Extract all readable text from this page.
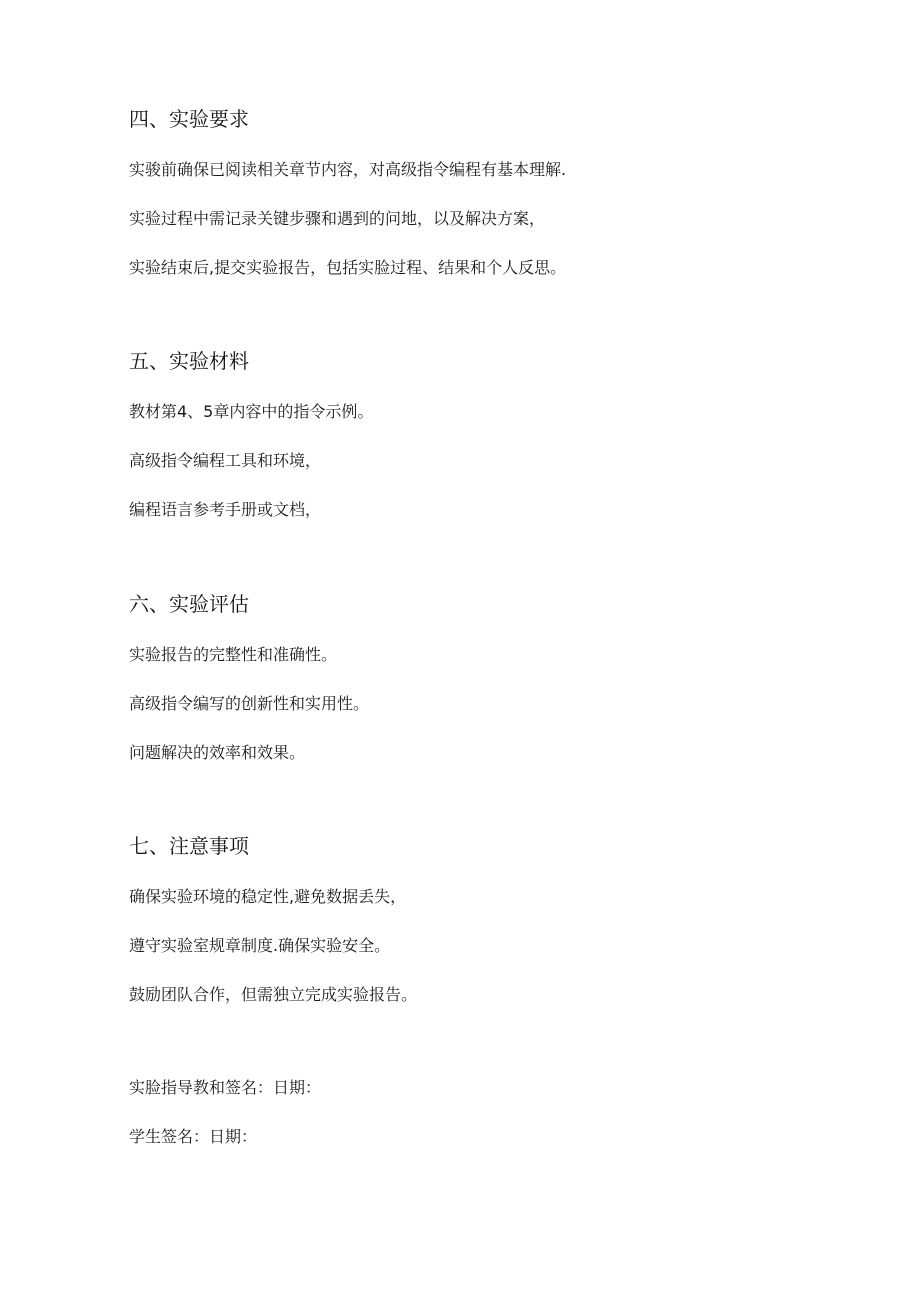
四、实验要求
实骏前确保已阅读相关章节内容，对高级指令编程有基本理解.
实验过程中需记录关键步骤和遇到的问地，以及解决方案，
实验结束后,提交实验报告，包括实脸过程、结果和个人反思。
五、实验材料
教材第4、5章内容中的指令示例。
高级指令编程工具和环境，
编程语言参考手册或文档，
六、实验评估
实验报告的完整性和准确性。
高级指令编写的创新性和实用性。
问题解决的效率和效果。
七、注意事项
确保实验环境的稳定性,避免数据丢失，
遵守实验室规章制度.确保实验安全。
鼓励团队合作，但需独立完成实验报告。
实脸指导教和签名：日期：
学生签名：日期：
